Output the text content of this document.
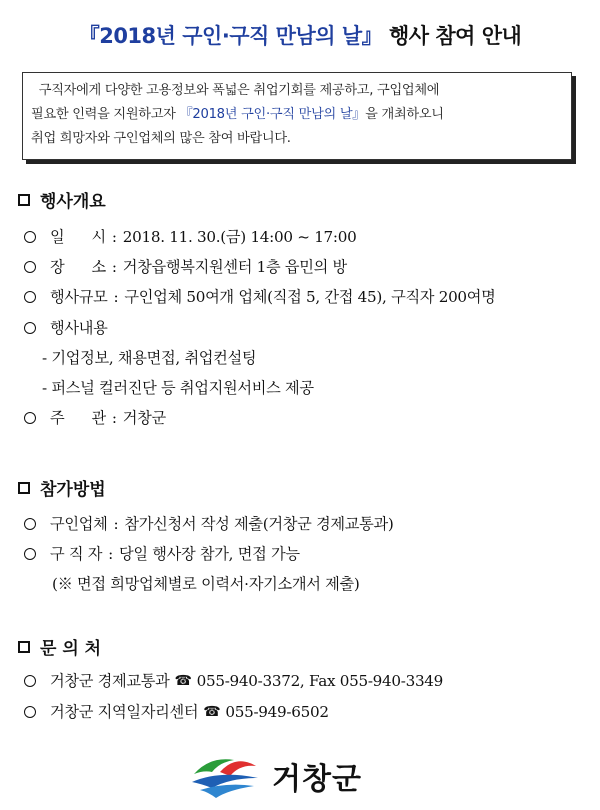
『2018년 구인·구직 만남의 날』 행사 참여 안내
구직자에게 다양한 고용정보와 폭넓은 취업기회를 제공하고, 구입업체에
필요한 인력을 지원하고자 『2018년 구인·구직 만남의 날』을 개최하오니
취업 희망자와 구인업체의 많은 참여 바랍니다.
행사개요
일      시 : 2018. 11. 30.(금) 14:00 ~ 17:00
장      소 : 거창읍행복지원센터 1층 읍민의 방
행사규모 : 구인업체 50여개 업체(직접 5, 간접 45), 구직자 200여명
행사내용
- 기업정보, 채용면접, 취업컨설팅
- 퍼스널 컬러진단 등 취업지원서비스 제공
주      관 : 거창군
참가방법
구인업체 : 참가신청서 작성 제출(거창군 경제교통과)
구 직 자 : 당일 행사장 참가, 면접 가능
(※ 면접 희망업체별로 이력서·자기소개서 제출)
문 의 처
거창군 경제교통과 ☎ 055-940-3372, Fax 055-940-3349
거창군 지역일자리센터 ☎ 055-949-6502
거창군
